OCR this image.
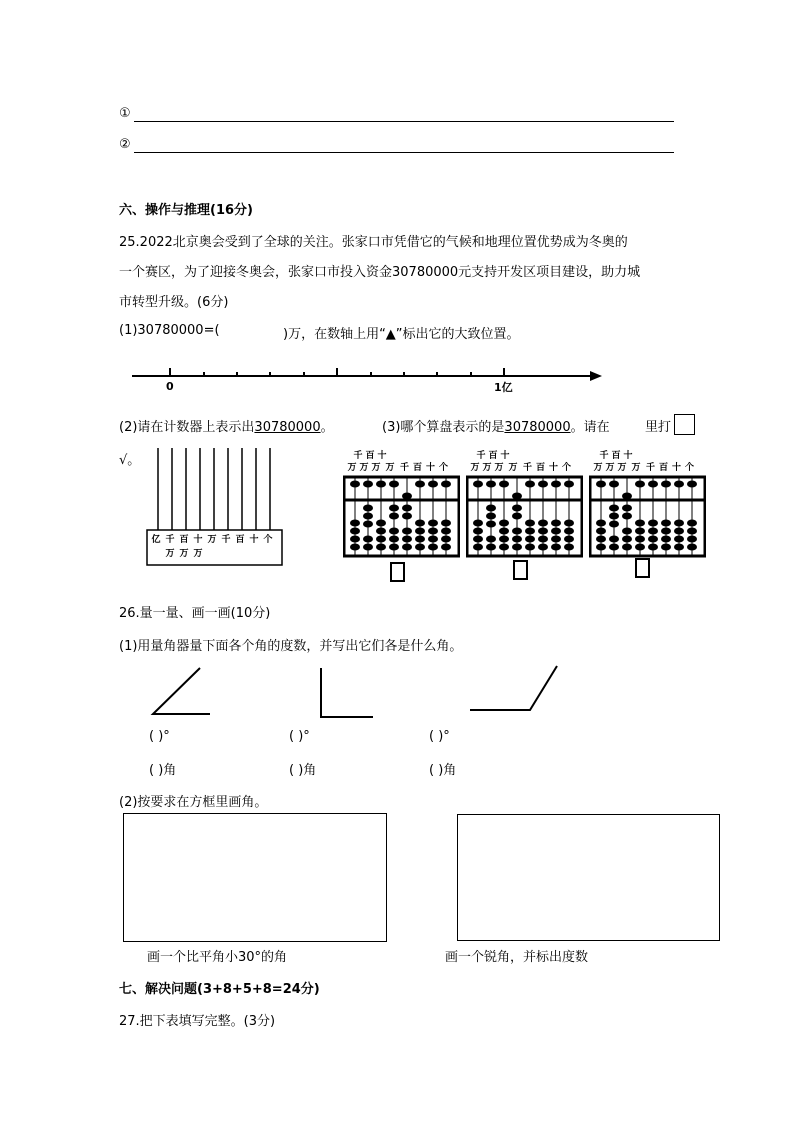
①
②
六、操作与推理(16分)
25.2022北京奥会受到了全球的关注。张家口市凭借它的气候和地理位置优势成为冬奥的
一个赛区，为了迎接冬奥会，张家口市投入资金30780000元支持开发区项目建设，助力城
市转型升级。(6分)
(1)30780000=(	)万，在数轴上用“▲”标出它的大致位置。
0	1亿
(2)请在计数器上表示出30780000。	(3)哪个算盘表示的是30780000。请在	里打
√。
亿 千 百 十 万 千 百 十 个
万 万 万
千 百 十
万 万 万 万 千 百 十 个
千 百 十
万 万 万 万 千 百 十 个
千 百 十
万 万 万 万 千 百 十 个
26.量一量、画一画(10分)
(1)用量角器量下面各个角的度数，并写出它们各是什么角。
( )°	( )°	( )°
( )角	( )角	( )角
(2)按要求在方框里画角。
画一个比平角小30°的角	画一个锐角，并标出度数
七、解决问题(3+8+5+8=24分)
27.把下表填写完整。(3分)
